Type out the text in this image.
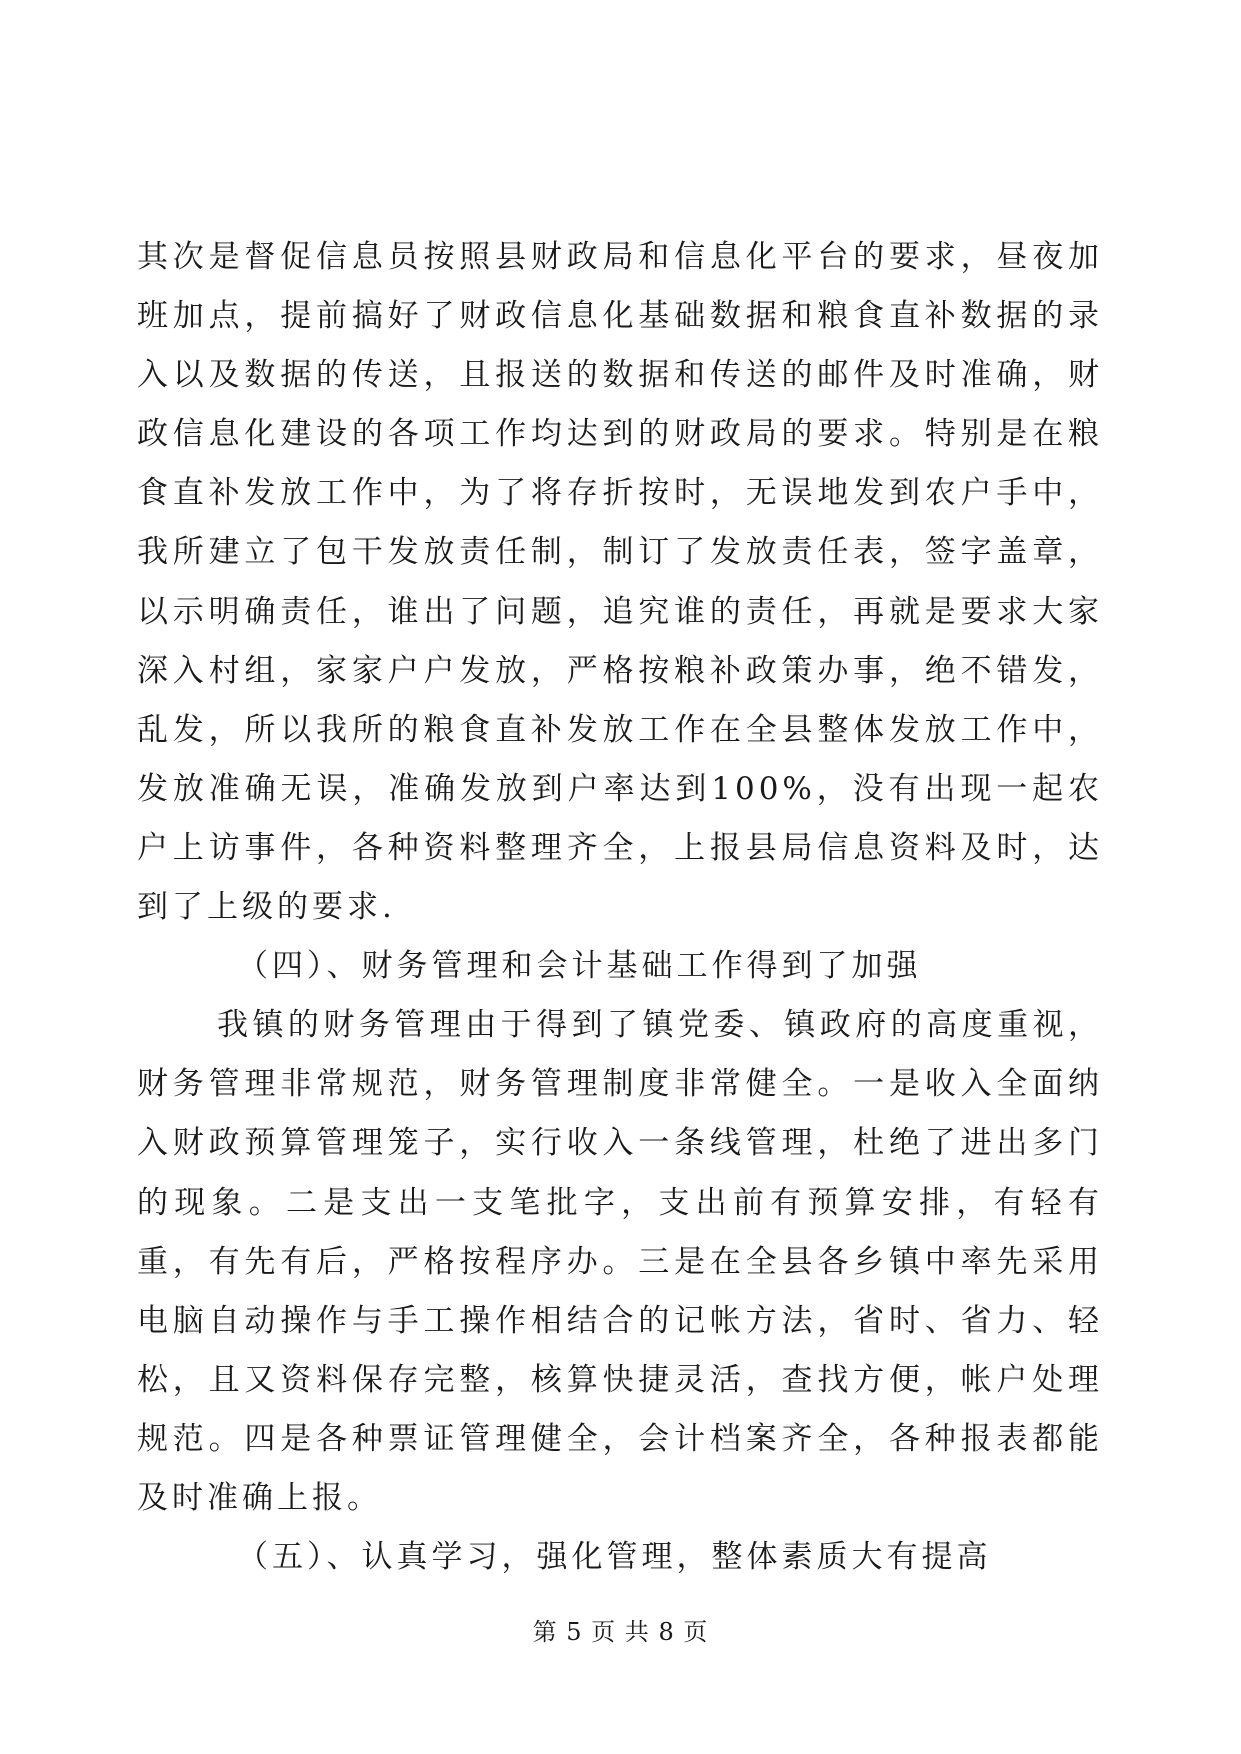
其次是督促信息员按照县财政局和信息化平台的要求，昼夜加班加点，提前搞好了财政信息化基础数据和粮食直补数据的录入以及数据的传送，且报送的数据和传送的邮件及时准确，财政信息化建设的各项工作均达到的财政局的要求。特别是在粮食直补发放工作中，为了将存折按时，无误地发到农户手中，我所建立了包干发放责任制，制订了发放责任表，签字盖章，以示明确责任，谁出了问题，追究谁的责任，再就是要求大家深入村组，家家户户发放，严格按粮补政策办事，绝不错发，乱发，所以我所的粮食直补发放工作在全县整体发放工作中，发放准确无误，准确发放到户率达到100%，没有出现一起农户上访事件，各种资料整理齐全，上报县局信息资料及时，达到了上级的要求.

（四）、财务管理和会计基础工作得到了加强

我镇的财务管理由于得到了镇党委、镇政府的高度重视，财务管理非常规范，财务管理制度非常健全。一是收入全面纳入财政预算管理笼子，实行收入一条线管理，杜绝了进出多门的现象。二是支出一支笔批字，支出前有预算安排，有轻有重，有先有后，严格按程序办。三是在全县各乡镇中率先采用电脑自动操作与手工操作相结合的记帐方法，省时、省力、轻松，且又资料保存完整，核算快捷灵活，查找方便，帐户处理规范。四是各种票证管理健全，会计档案齐全，各种报表都能及时准确上报。

（五）、认真学习，强化管理，整体素质大有提高

第 5 页 共 8 页
